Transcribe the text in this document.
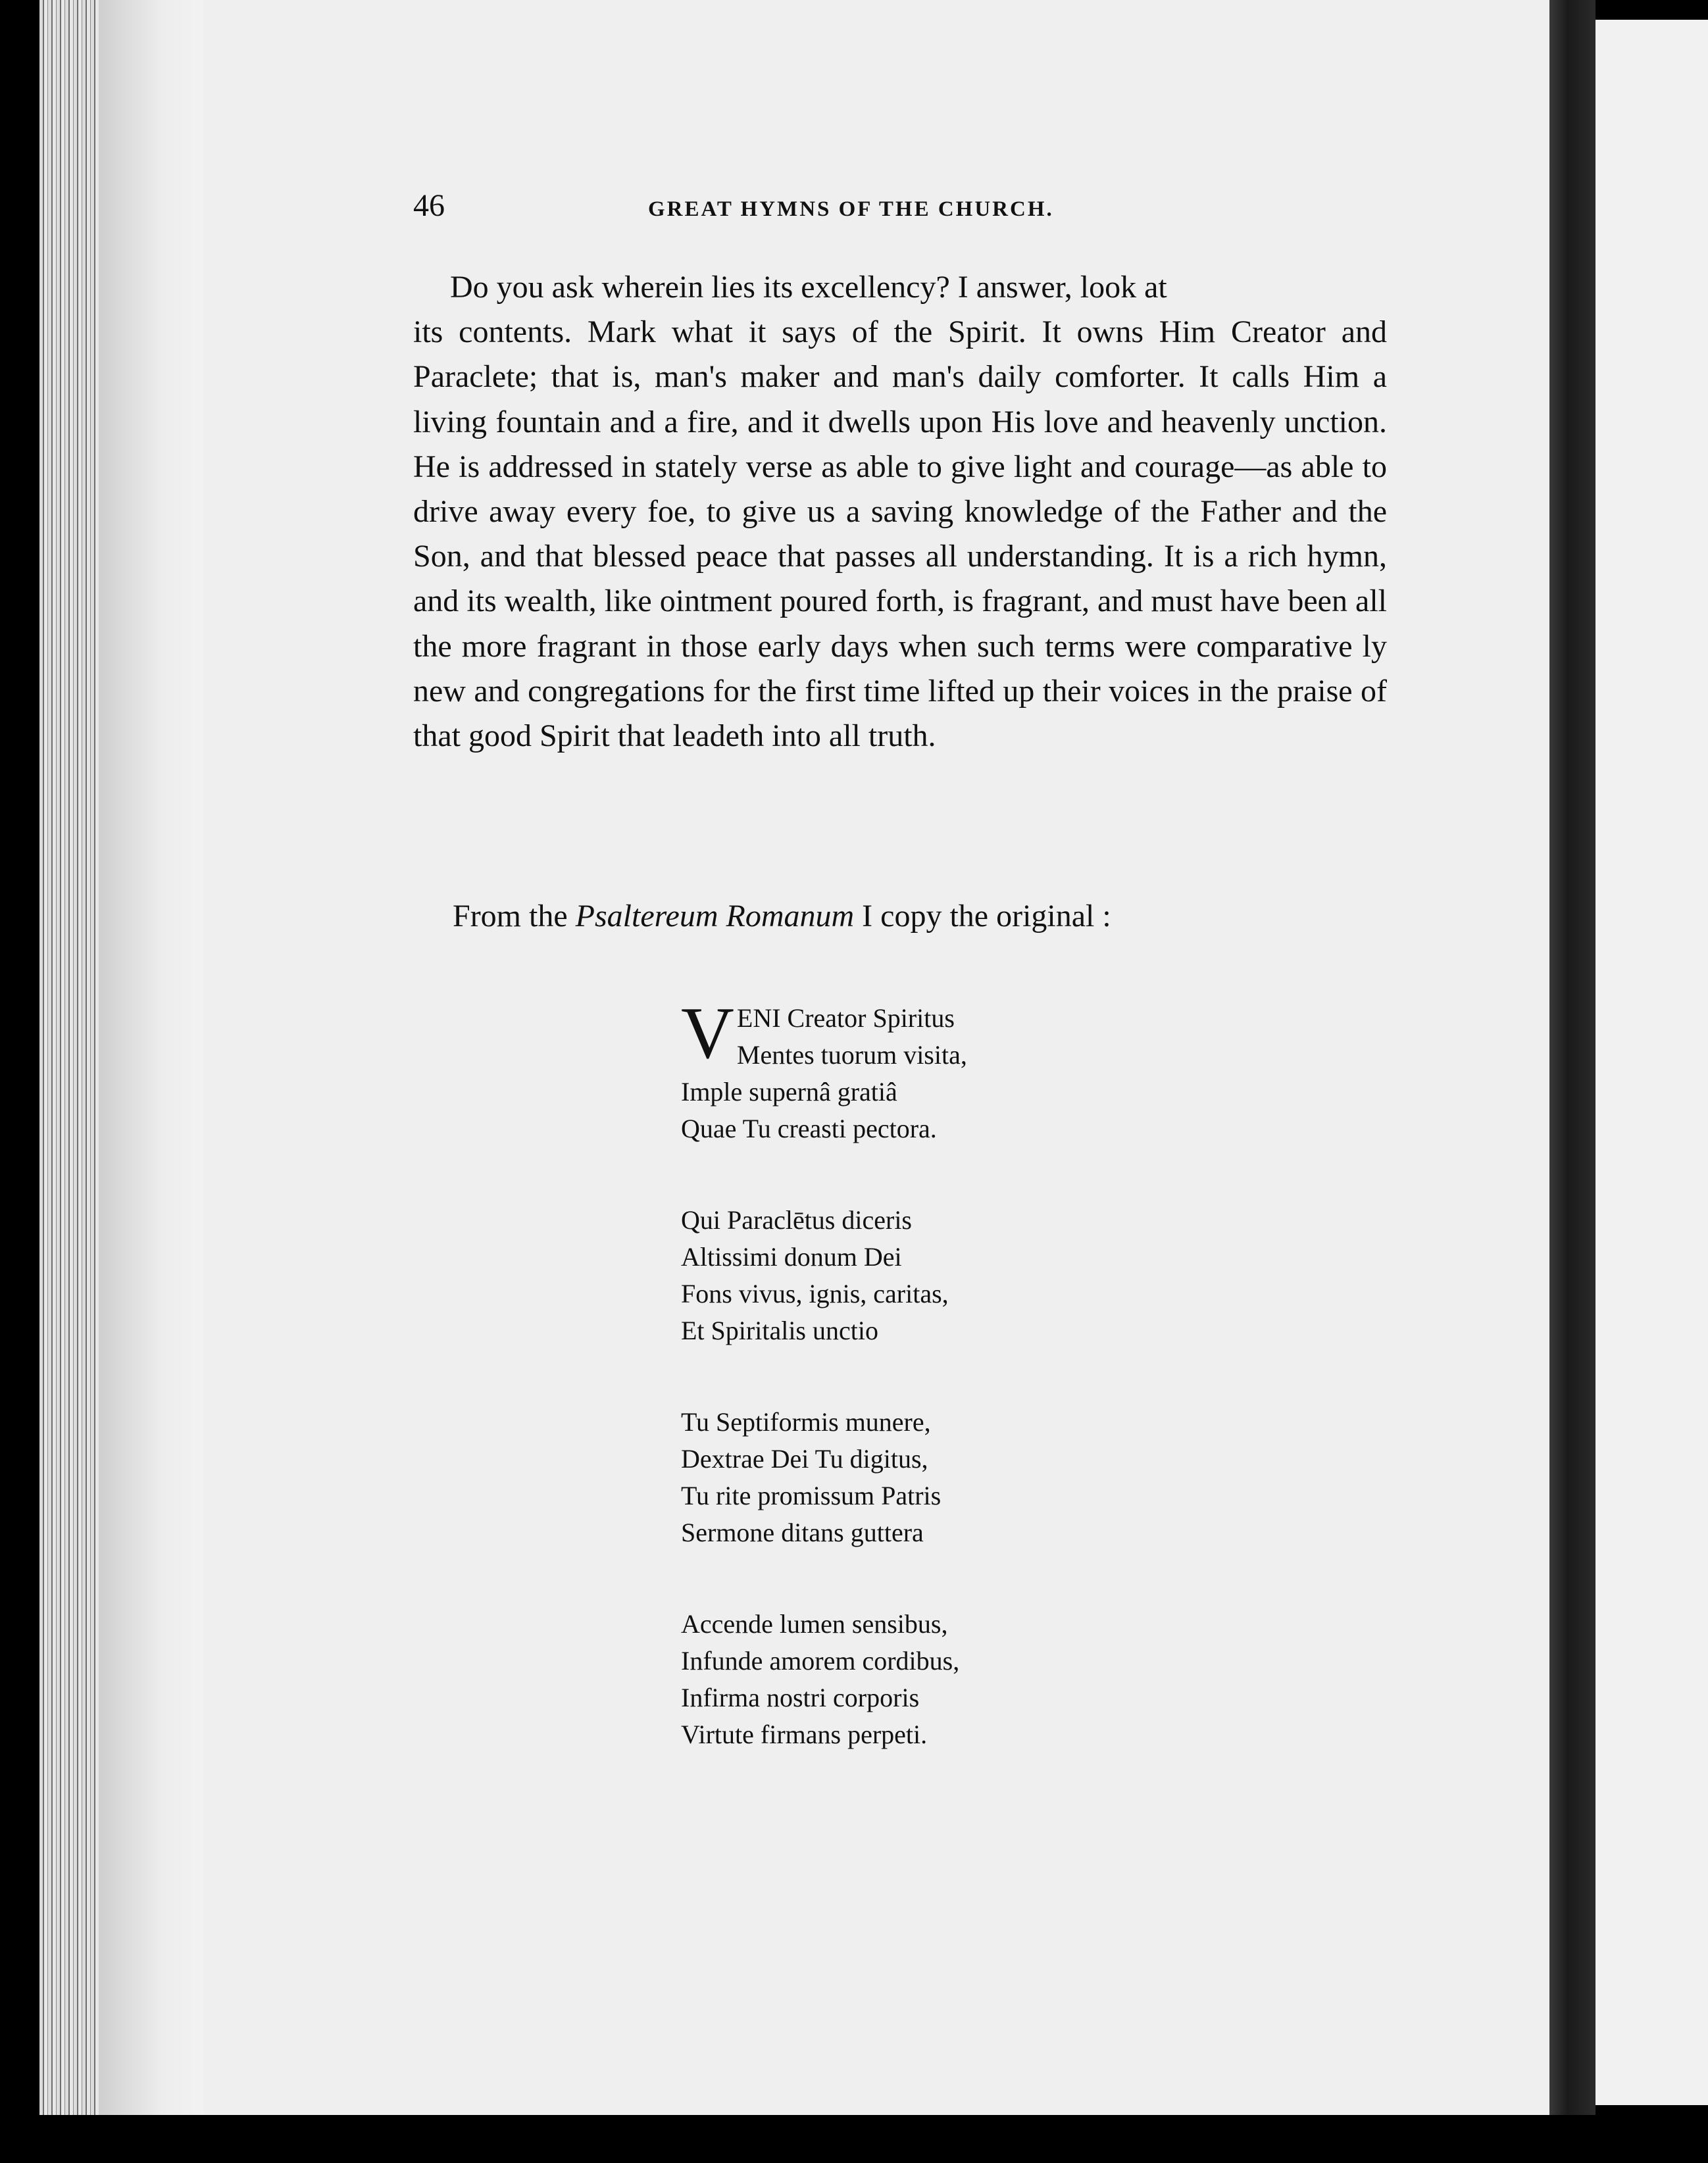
46	GREAT HYMNS OF THE CHURCH.

Do you ask wherein lies its excellency? I answer, look at
its contents. Mark what it says of the Spirit. It owns Him Creator and Paraclete; that is, man's maker and man's daily comforter. It calls Him a living fountain and a fire, and it dwells upon His love and heavenly unction. He is addressed in stately verse as able to give light and courage—as able to drive away every foe, to give us a saving knowledge of the Father and the Son, and that blessed peace that passes all understanding. It is a rich hymn, and its wealth, like ointment poured forth, is fragrant, and must have been all the more fragrant in those early days when such terms were comparative ly new and congregations for the first time lifted up their voices in the praise of that good Spirit that leadeth into all truth.

From the Psaltereum Romanum I copy the original :
V ENI Creator Spiritus
Mentes tuorum visita,
Imple supernâ gratiâ
Quae Tu creasti pectora.
Qui Paraclētus diceris
Altissimi donum Dei
Fons vivus, ignis, caritas,
Et Spiritalis unctio
Tu Septiformis munere,
Dextrae Dei Tu digitus,
Tu rite promissum Patris
Sermone ditans guttera
Accende lumen sensibus,
Infunde amorem cordibus,
Infirma nostri corporis
Virtute firmans perpeti.
